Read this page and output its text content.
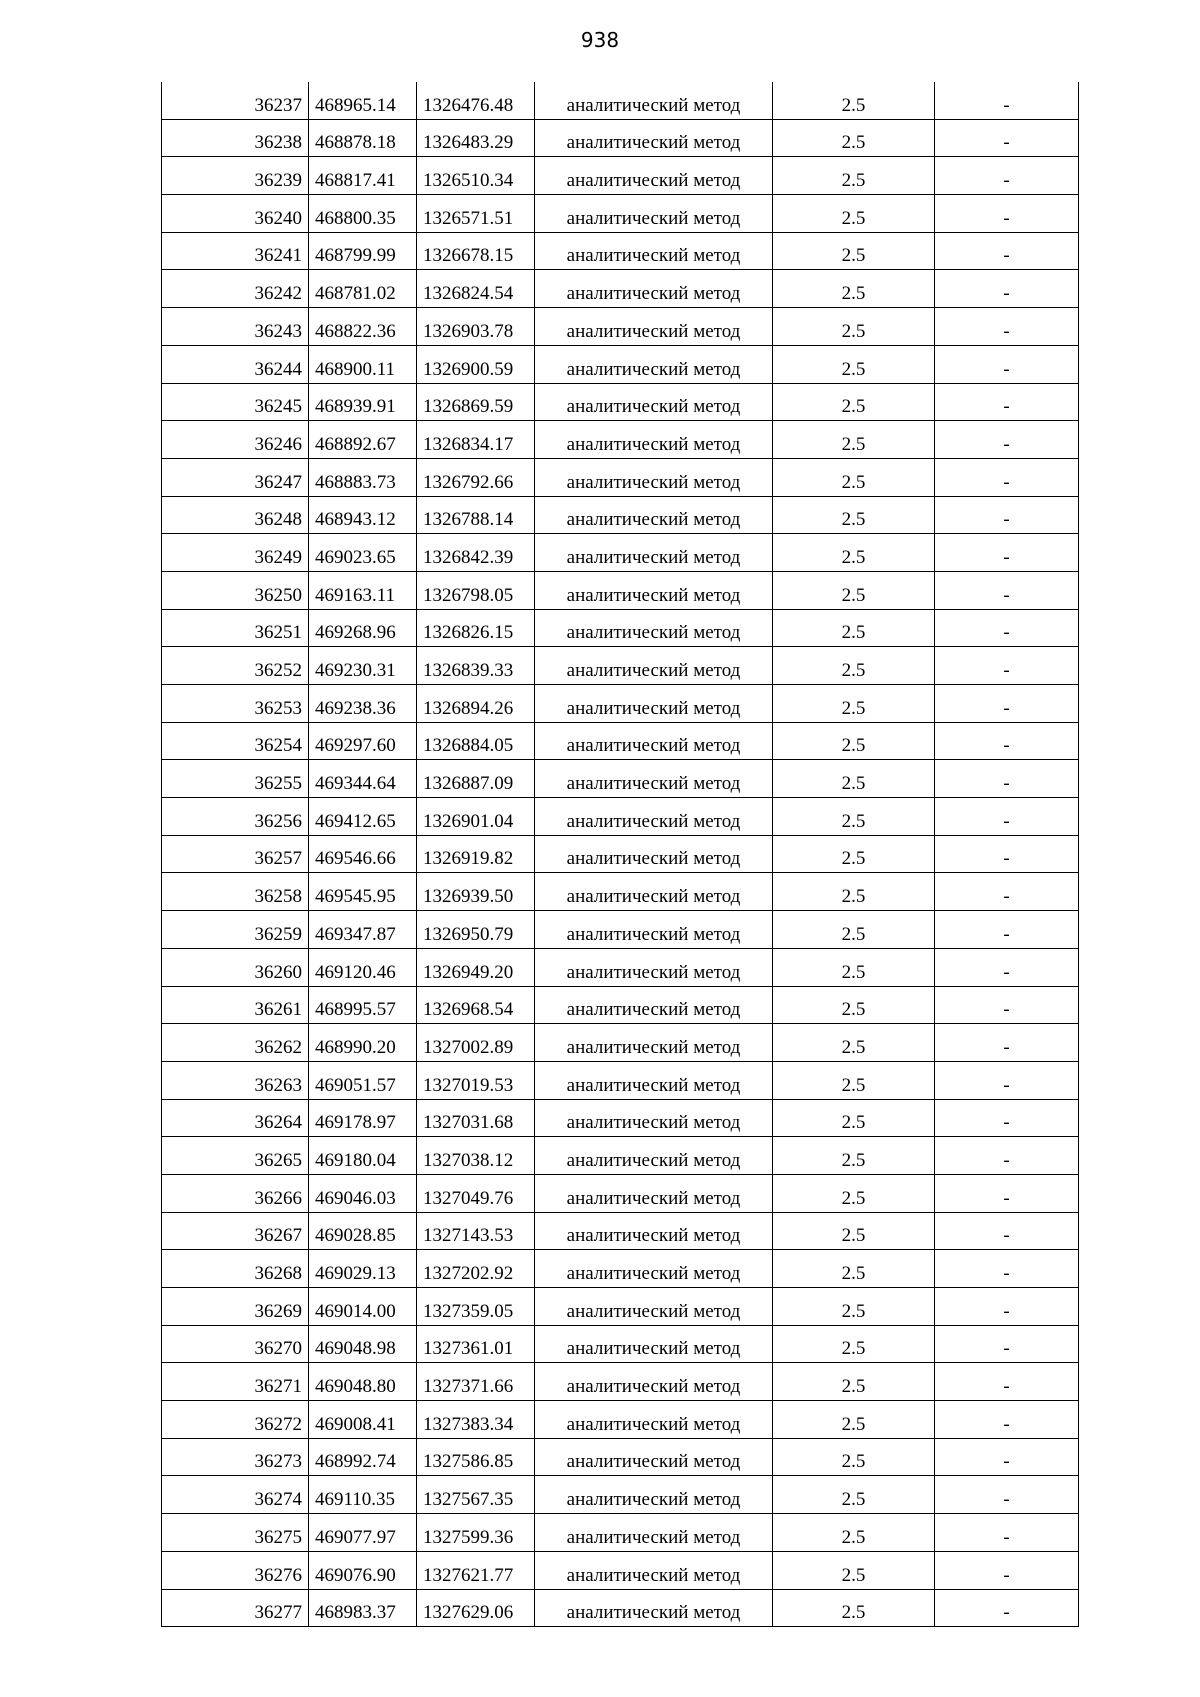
938
36237	468965.14	1326476.48	аналитический метод	2.5	-
36238	468878.18	1326483.29	аналитический метод	2.5	-
36239	468817.41	1326510.34	аналитический метод	2.5	-
36240	468800.35	1326571.51	аналитический метод	2.5	-
36241	468799.99	1326678.15	аналитический метод	2.5	-
36242	468781.02	1326824.54	аналитический метод	2.5	-
36243	468822.36	1326903.78	аналитический метод	2.5	-
36244	468900.11	1326900.59	аналитический метод	2.5	-
36245	468939.91	1326869.59	аналитический метод	2.5	-
36246	468892.67	1326834.17	аналитический метод	2.5	-
36247	468883.73	1326792.66	аналитический метод	2.5	-
36248	468943.12	1326788.14	аналитический метод	2.5	-
36249	469023.65	1326842.39	аналитический метод	2.5	-
36250	469163.11	1326798.05	аналитический метод	2.5	-
36251	469268.96	1326826.15	аналитический метод	2.5	-
36252	469230.31	1326839.33	аналитический метод	2.5	-
36253	469238.36	1326894.26	аналитический метод	2.5	-
36254	469297.60	1326884.05	аналитический метод	2.5	-
36255	469344.64	1326887.09	аналитический метод	2.5	-
36256	469412.65	1326901.04	аналитический метод	2.5	-
36257	469546.66	1326919.82	аналитический метод	2.5	-
36258	469545.95	1326939.50	аналитический метод	2.5	-
36259	469347.87	1326950.79	аналитический метод	2.5	-
36260	469120.46	1326949.20	аналитический метод	2.5	-
36261	468995.57	1326968.54	аналитический метод	2.5	-
36262	468990.20	1327002.89	аналитический метод	2.5	-
36263	469051.57	1327019.53	аналитический метод	2.5	-
36264	469178.97	1327031.68	аналитический метод	2.5	-
36265	469180.04	1327038.12	аналитический метод	2.5	-
36266	469046.03	1327049.76	аналитический метод	2.5	-
36267	469028.85	1327143.53	аналитический метод	2.5	-
36268	469029.13	1327202.92	аналитический метод	2.5	-
36269	469014.00	1327359.05	аналитический метод	2.5	-
36270	469048.98	1327361.01	аналитический метод	2.5	-
36271	469048.80	1327371.66	аналитический метод	2.5	-
36272	469008.41	1327383.34	аналитический метод	2.5	-
36273	468992.74	1327586.85	аналитический метод	2.5	-
36274	469110.35	1327567.35	аналитический метод	2.5	-
36275	469077.97	1327599.36	аналитический метод	2.5	-
36276	469076.90	1327621.77	аналитический метод	2.5	-
36277	468983.37	1327629.06	аналитический метод	2.5	-
